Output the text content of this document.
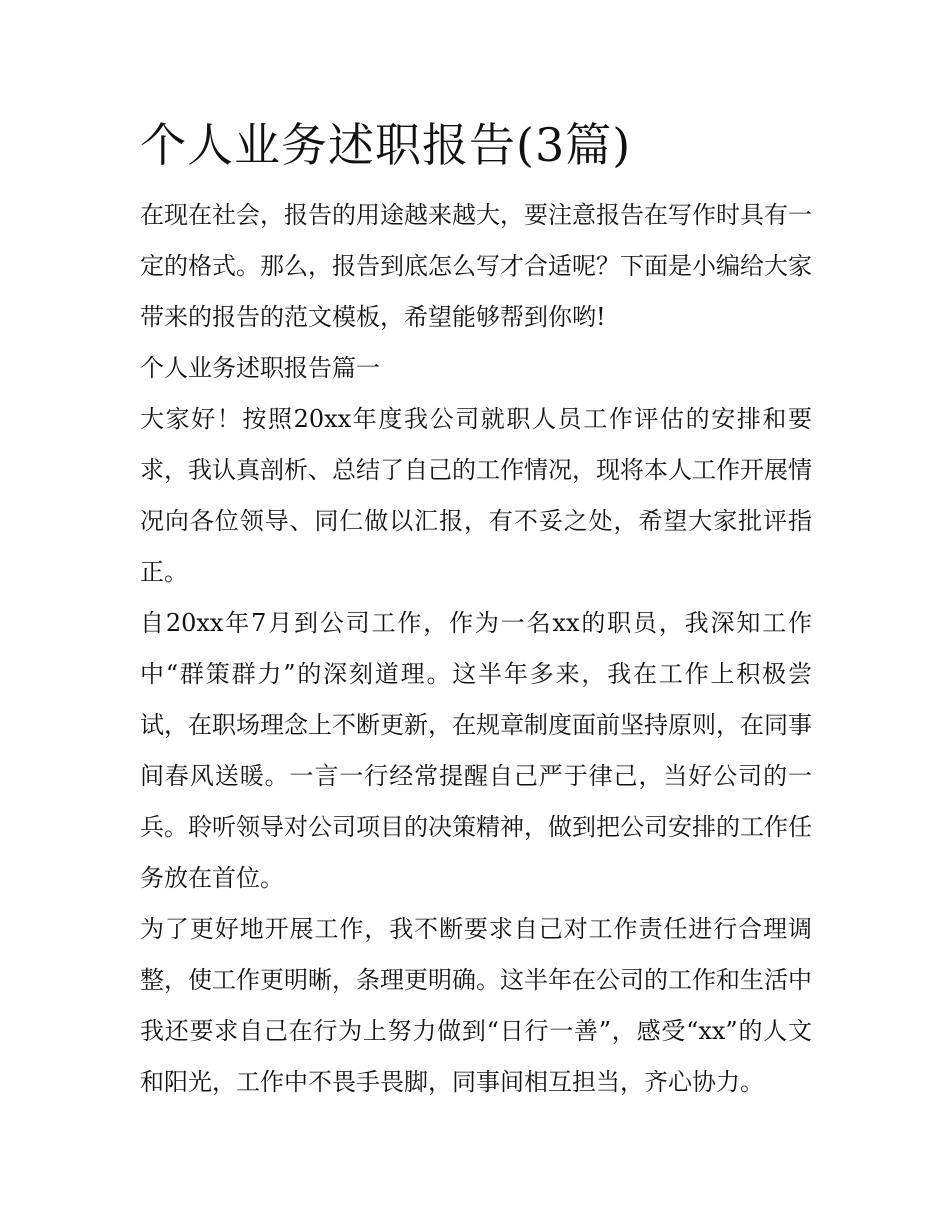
个人业务述职报告(3篇)

在现在社会，报告的用途越来越大，要注意报告在写作时具有一定的格式。那么，报告到底怎么写才合适呢？下面是小编给大家带来的报告的范文模板，希望能够帮到你哟!

个人业务述职报告篇一

大家好！按照20xx年度我公司就职人员工作评估的安排和要求，我认真剖析、总结了自己的工作情况，现将本人工作开展情况向各位领导、同仁做以汇报，有不妥之处，希望大家批评指正。

自20xx年7月到公司工作，作为一名xx的职员，我深知工作中“群策群力”的深刻道理。这半年多来，我在工作上积极尝试，在职场理念上不断更新，在规章制度面前坚持原则，在同事间春风送暖。一言一行经常提醒自己严于律己，当好公司的一兵。聆听领导对公司项目的决策精神，做到把公司安排的工作任务放在首位。

为了更好地开展工作，我不断要求自己对工作责任进行合理调整，使工作更明晰，条理更明确。这半年在公司的工作和生活中我还要求自己在行为上努力做到“日行一善”，感受“xx”的人文和阳光，工作中不畏手畏脚，同事间相互担当，齐心协力。
